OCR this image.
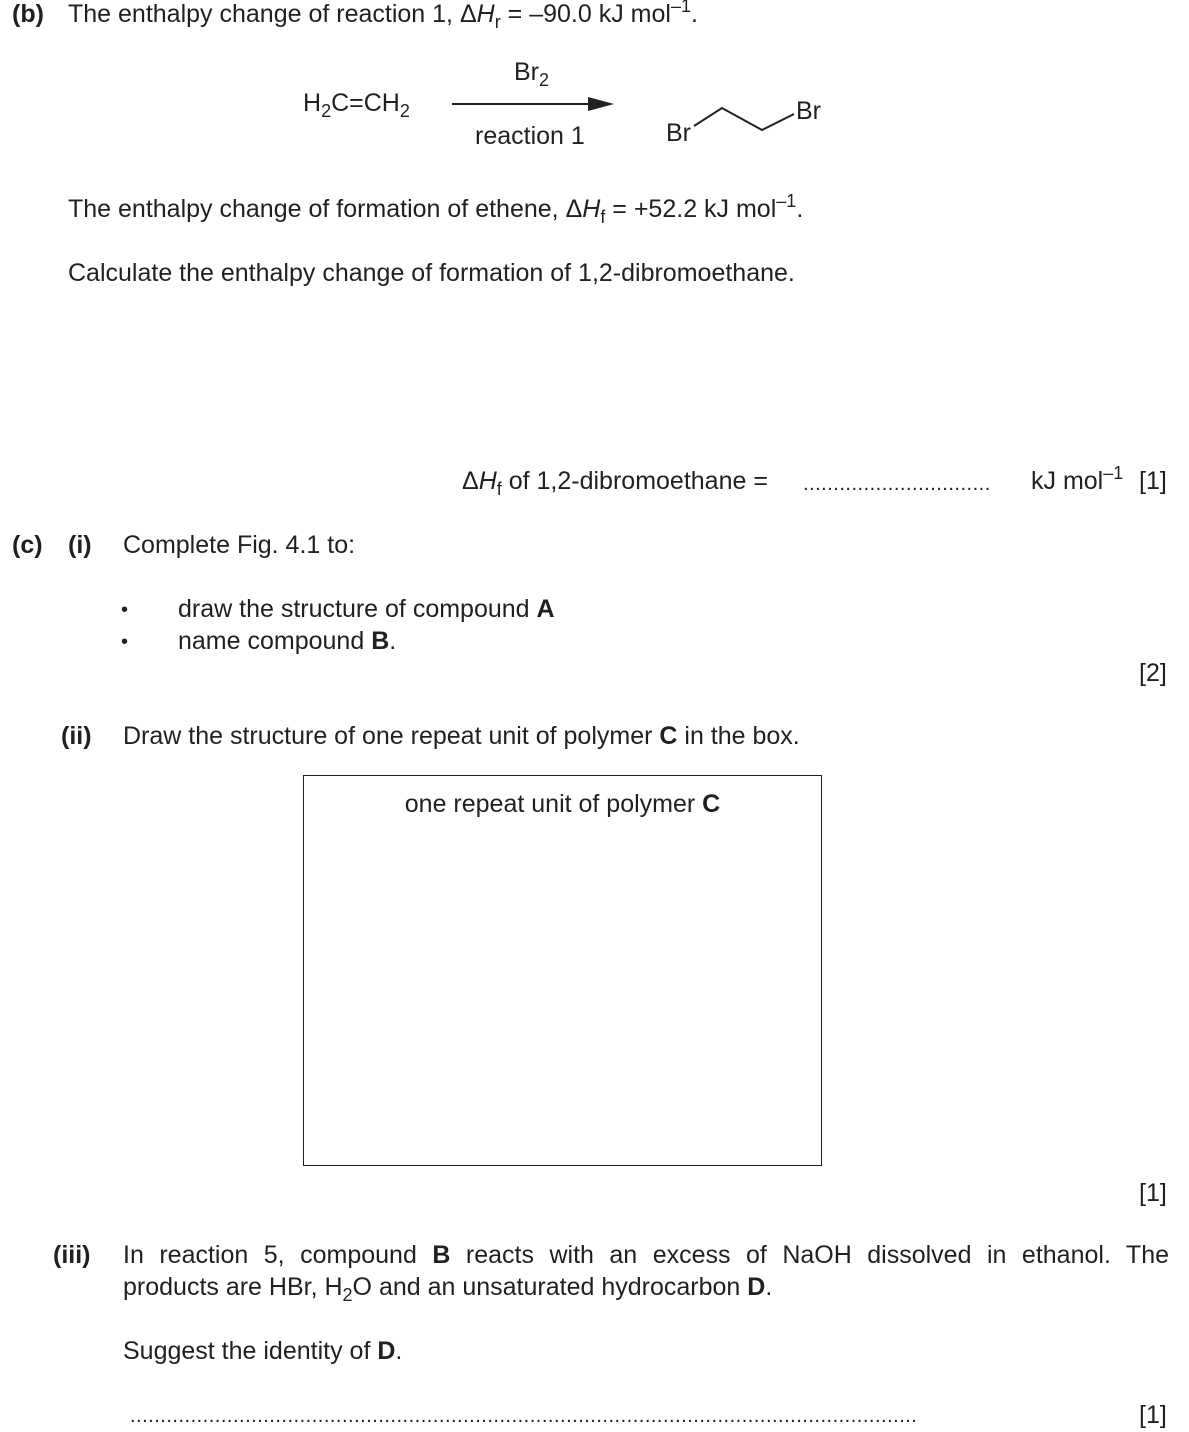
(b) The enthalpy change of reaction 1, $\Delta H_r = -90.0$ kJ mol$^{-1}$.
$H_2C=CH_2$
$Br_2$
reaction 1	Br
Br
The enthalpy change of formation of ethene, $\Delta H_f = +52.2$ kJ mol$^{-1}$.
Calculate the enthalpy change of formation of 1,2-dibromoethane.
$\Delta H_f$ of 1,2-dibromoethane = ............................... kJ mol$^{-1}$ [1]
(c) (i) Complete Fig. 4.1 to:
• draw the structure of compound A
• name compound B.
[2]
(ii) Draw the structure of one repeat unit of polymer C in the box.
one repeat unit of polymer C
[1]
(iii) In reaction 5, compound B reacts with an excess of NaOH dissolved in ethanol. The
products are HBr, $H_2O$ and an unsaturated hydrocarbon D.
Suggest the identity of D.
..................................................................................................................................	[1]
